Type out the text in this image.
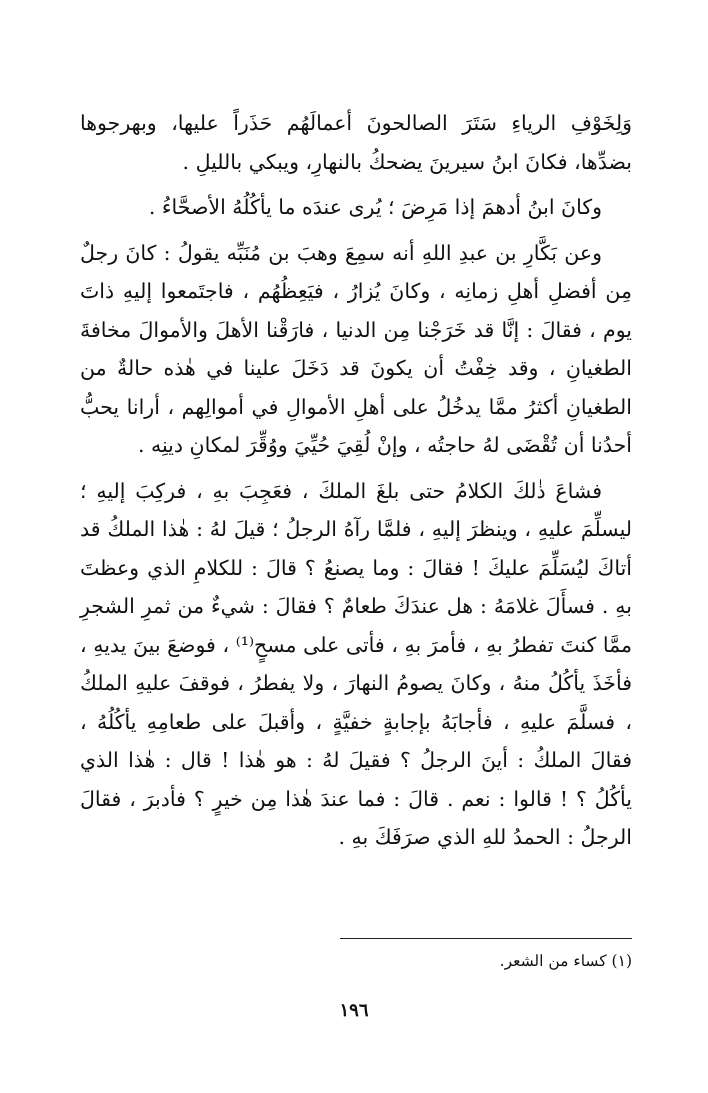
وَلِخَوْفِ الرياءِ سَتَرَ الصالحونَ أعمالَهُم حَذَراً عليها، وبهرجوها بضدِّها، فكانَ ابنُ سيرينَ يضحكُ بالنهارِ، ويبكي بالليلِ .

وكانَ ابنُ أدهمَ إذا مَرِضَ ؛ يُرى عندَه ما يأكُلُهُ الأصحَّاءُ .

وعن بَكَّارِ بن عبدِ اللهِ أنه سمِعَ وهبَ بن مُنَبِّه يقولُ : كانَ رجلٌ مِن أفضلِ أهلِ زمانِه ، وكانَ يُزارُ ، فيَعِظُهُم ، فاجتَمعوا إليهِ ذاتَ يوم ، فقالَ : إنَّا قد خَرَجْنا مِن الدنيا ، فارَقْنا الأهلَ والأموالَ مخافةَ الطغيانِ ، وقد خِفْتُ أن يكونَ قد دَخَلَ علينا في هٰذه حالةٌ من الطغيانِ أكثرُ ممَّا يدخُلُ على أهلِ الأموالِ في أموالِهم ، أرانا يحبُّ أحدُنا أن تُقْضَى لهُ حاجتُه ، وإنْ لُقِيَ حُيِّيَ ووُقِّرَ لمكانِ دينِه .

فشاعَ ذٰلكَ الكلامُ حتى بلغَ الملكَ ، فعَجِبَ بهِ ، فركِبَ إليهِ ؛ ليسلِّمَ عليهِ ، وينظرَ إليهِ ، فلمَّا رآهُ الرجلُ ؛ قيلَ لهُ : هٰذا الملكُ قد أتاكَ ليُسَلِّمَ عليكَ ! فقالَ : وما يصنعُ ؟ قالَ : للكلامِ الذي وعظتَ بهِ . فسأَلَ غلامَهُ : هل عندَكَ طعامٌ ؟ فقالَ : شيءٌ من ثمرِ الشجرِ ممَّا كنتَ تفطرُ بهِ ، فأمرَ بهِ ، فأتى على مسحٍ⁽¹⁾ ، فوضعَ بينَ يديهِ ، فأخَذَ يأكُلُ منهُ ، وكانَ يصومُ النهارَ ، ولا يفطرُ ، فوقفَ عليهِ الملكُ ، فسلَّمَ عليهِ ، فأجابَهُ بإجابةٍ خفيَّةٍ ، وأقبلَ على طعامِهِ يأكُلُهُ ، فقالَ الملكُ : أينَ الرجلُ ؟ فقيلَ لهُ : هو هٰذا ! قال : هٰذا الذي يأكُلُ ؟ ! قالوا : نعم . قالَ : فما عندَ هٰذا مِن خيرٍ ؟ فأدبرَ ، فقالَ الرجلُ : الحمدُ للهِ الذي صرَفَكَ بهِ .

(١) كساء من الشعر.
١٩٦
